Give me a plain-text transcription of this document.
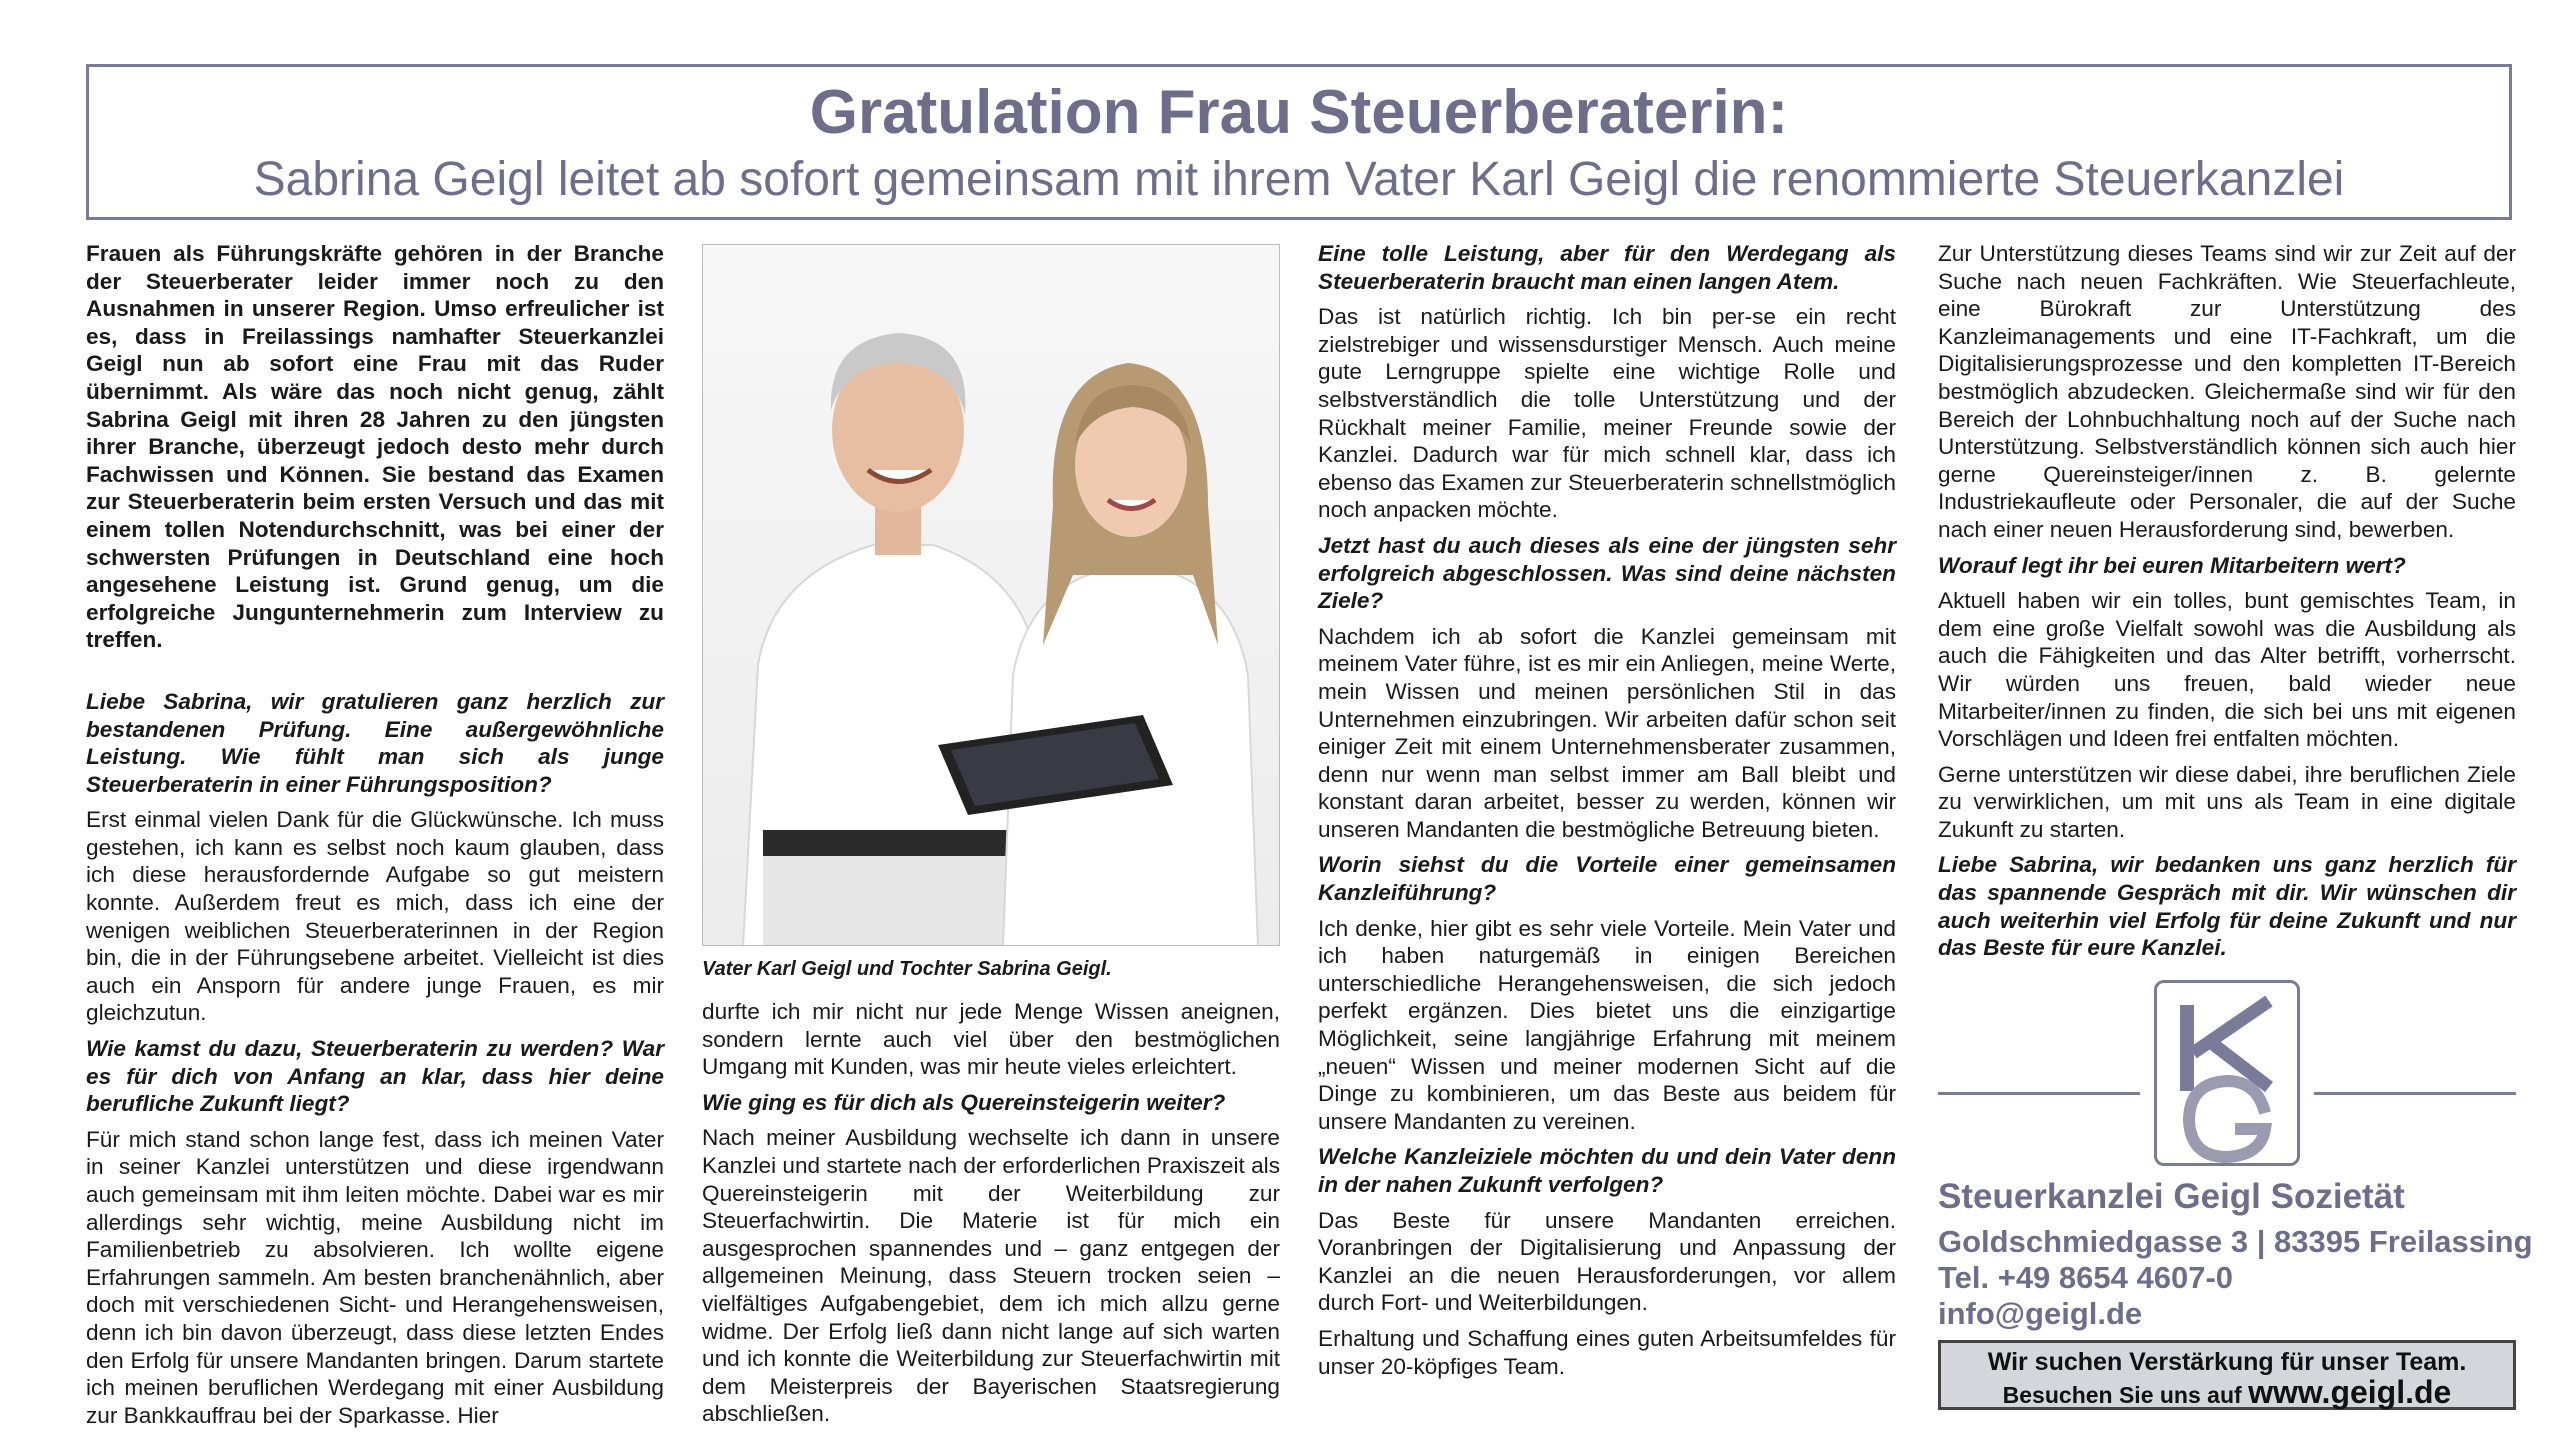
Gratulation Frau Steuerberaterin:
Sabrina Geigl leitet ab sofort gemeinsam mit ihrem Vater Karl Geigl die renommierte Steuerkanzlei

Frauen als Führungskräfte gehören in der Branche der Steuerberater leider immer noch zu den Ausnahmen in unserer Region. Umso erfreulicher ist es, dass in Freilassings namhafter Steuerkanzlei Geigl nun ab sofort eine Frau mit das Ruder übernimmt. Als wäre das noch nicht genug, zählt Sabrina Geigl mit ihren 28 Jahren zu den jüngsten ihrer Branche, überzeugt jedoch desto mehr durch Fachwissen und Können. Sie bestand das Examen zur Steuerberaterin beim ersten Versuch und das mit einem tollen Notendurchschnitt, was bei einer der schwersten Prüfungen in Deutschland eine hoch angesehene Leistung ist. Grund genug, um die erfolgreiche Jungunternehmerin zum Interview zu treffen.

Liebe Sabrina, wir gratulieren ganz herzlich zur bestandenen Prüfung. Eine außergewöhnliche Leistung. Wie fühlt man sich als junge Steuerberaterin in einer Führungsposition?

Erst einmal vielen Dank für die Glückwünsche. Ich muss gestehen, ich kann es selbst noch kaum glauben, dass ich diese herausfordernde Aufgabe so gut meistern konnte. Außerdem freut es mich, dass ich eine der wenigen weiblichen Steuerberaterinnen in der Region bin, die in der Führungsebene arbeitet. Vielleicht ist dies auch ein Ansporn für andere junge Frauen, es mir gleichzutun.

Wie kamst du dazu, Steuerberaterin zu werden? War es für dich von Anfang an klar, dass hier deine berufliche Zukunft liegt?

Für mich stand schon lange fest, dass ich meinen Vater in seiner Kanzlei unterstützen und diese irgendwann auch gemeinsam mit ihm leiten möchte. Dabei war es mir allerdings sehr wichtig, meine Ausbildung nicht im Familienbetrieb zu absolvieren. Ich wollte eigene Erfahrungen sammeln. Am besten branchenähnlich, aber doch mit verschiedenen Sicht- und Herangehensweisen, denn ich bin davon überzeugt, dass diese letzten Endes den Erfolg für unsere Mandanten bringen. Darum startete ich meinen beruflichen Werdegang mit einer Ausbildung zur Bankkauffrau bei der Sparkasse. Hier

Vater Karl Geigl und Tochter Sabrina Geigl.

durfte ich mir nicht nur jede Menge Wissen aneignen, sondern lernte auch viel über den bestmöglichen Umgang mit Kunden, was mir heute vieles erleichtert.

Wie ging es für dich als Quereinsteigerin weiter?

Nach meiner Ausbildung wechselte ich dann in unsere Kanzlei und startete nach der erforderlichen Praxiszeit als Quereinsteigerin mit der Weiterbildung zur Steuerfachwirtin. Die Materie ist für mich ein ausgesprochen spannendes und – ganz entgegen der allgemeinen Meinung, dass Steuern trocken seien – vielfältiges Aufgabengebiet, dem ich mich allzu gerne widme. Der Erfolg ließ dann nicht lange auf sich warten und ich konnte die Weiterbildung zur Steuerfachwirtin mit dem Meisterpreis der Bayerischen Staatsregierung abschließen.

Eine tolle Leistung, aber für den Werdegang als Steuerberaterin braucht man einen langen Atem.

Das ist natürlich richtig. Ich bin per-se ein recht zielstrebiger und wissensdurstiger Mensch. Auch meine gute Lerngruppe spielte eine wichtige Rolle und selbstverständlich die tolle Unterstützung und der Rückhalt meiner Familie, meiner Freunde sowie der Kanzlei. Dadurch war für mich schnell klar, dass ich ebenso das Examen zur Steuerberaterin schnellstmöglich noch anpacken möchte.

Jetzt hast du auch dieses als eine der jüngsten sehr erfolgreich abgeschlossen. Was sind deine nächsten Ziele?

Nachdem ich ab sofort die Kanzlei gemeinsam mit meinem Vater führe, ist es mir ein Anliegen, meine Werte, mein Wissen und meinen persönlichen Stil in das Unternehmen einzubringen. Wir arbeiten dafür schon seit einiger Zeit mit einem Unternehmensberater zusammen, denn nur wenn man selbst immer am Ball bleibt und konstant daran arbeitet, besser zu werden, können wir unseren Mandanten die bestmögliche Betreuung bieten.

Worin siehst du die Vorteile einer gemeinsamen Kanzleiführung?

Ich denke, hier gibt es sehr viele Vorteile. Mein Vater und ich haben naturgemäß in einigen Bereichen unterschiedliche Herangehensweisen, die sich jedoch perfekt ergänzen. Dies bietet uns die einzigartige Möglichkeit, seine langjährige Erfahrung mit meinem „neuen“ Wissen und meiner modernen Sicht auf die Dinge zu kombinieren, um das Beste aus beidem für unsere Mandanten zu vereinen.

Welche Kanzleiziele möchten du und dein Vater denn in der nahen Zukunft verfolgen?

Das Beste für unsere Mandanten erreichen. Voranbringen der Digitalisierung und Anpassung der Kanzlei an die neuen Herausforderungen, vor allem durch Fort- und Weiterbildungen.

Erhaltung und Schaffung eines guten Arbeitsumfeldes für unser 20-köpfiges Team.

Zur Unterstützung dieses Teams sind wir zur Zeit auf der Suche nach neuen Fachkräften. Wie Steuerfachleute, eine Bürokraft zur Unterstützung des Kanzleimanagements und eine IT-Fachkraft, um die Digitalisierungsprozesse und den kompletten IT-Bereich bestmöglich abzudecken. Gleichermaße sind wir für den Bereich der Lohnbuchhaltung noch auf der Suche nach Unterstützung. Selbstverständlich können sich auch hier gerne Quereinsteiger/innen z. B. gelernte Industriekaufleute oder Personaler, die auf der Suche nach einer neuen Herausforderung sind, bewerben.

Worauf legt ihr bei euren Mitarbeitern wert?

Aktuell haben wir ein tolles, bunt gemischtes Team, in dem eine große Vielfalt sowohl was die Ausbildung als auch die Fähigkeiten und das Alter betrifft, vorherrscht. Wir würden uns freuen, bald wieder neue Mitarbeiter/innen zu finden, die sich bei uns mit eigenen Vorschlägen und Ideen frei entfalten möchten.

Gerne unterstützen wir diese dabei, ihre beruflichen Ziele zu verwirklichen, um mit uns als Team in eine digitale Zukunft zu starten.

Liebe Sabrina, wir bedanken uns ganz herzlich für das spannende Gespräch mit dir. Wir wünschen dir auch weiterhin viel Erfolg für deine Zukunft und nur das Beste für eure Kanzlei.

Steuerkanzlei Geigl Sozietät
Goldschmiedgasse 3 | 83395 Freilassing
Tel. +49 8654 4607-0
info@geigl.de
Wir suchen Verstärkung für unser Team.
Besuchen Sie uns auf www.geigl.de
